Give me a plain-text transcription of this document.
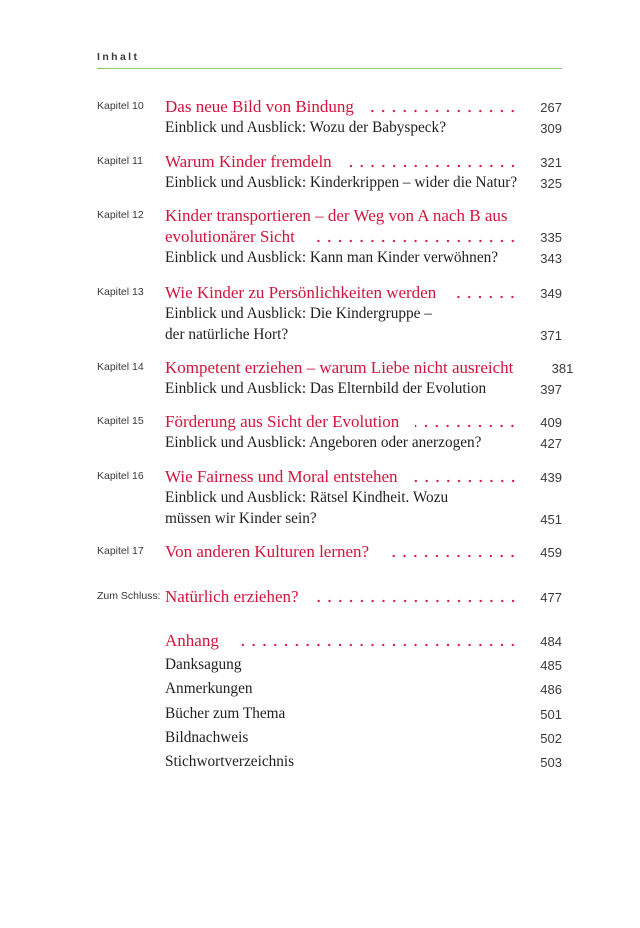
Inhalt
Kapitel 10	Das neue Bild von Bindung	267
Einblick und Ausblick: Wozu der Babyspeck?	309
Kapitel 11	Warum Kinder fremdeln	321
Einblick und Ausblick: Kinderkrippen – wider die Natur?	325
Kapitel 12	Kinder transportieren – der Weg von A nach B aus
evolutionärer Sicht	335
Einblick und Ausblick: Kann man Kinder verwöhnen?	343
Kapitel 13	Wie Kinder zu Persönlichkeiten werden	349
Einblick und Ausblick: Die Kindergruppe –
der natürliche Hort?	371
Kapitel 14	Kompetent erziehen – warum Liebe nicht ausreicht	381
Einblick und Ausblick: Das Elternbild der Evolution	397
Kapitel 15	Förderung aus Sicht der Evolution	409
Einblick und Ausblick: Angeboren oder anerzogen?	427
Kapitel 16	Wie Fairness und Moral entstehen	439
Einblick und Ausblick: Rätsel Kindheit. Wozu
müssen wir Kinder sein?	451
Kapitel 17	Von anderen Kulturen lernen?	459
Zum Schluss: Natürlich erziehen?	477
Anhang	484
Danksagung	485
Anmerkungen	486
Bücher zum Thema	501
Bildnachweis	502
Stichwortverzeichnis	503
